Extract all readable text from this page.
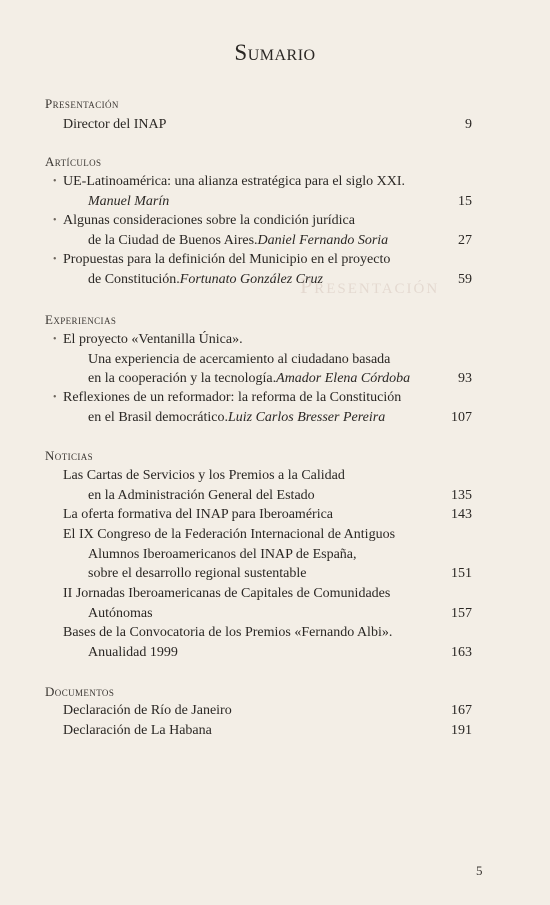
Sumario
Presentación
Presentación
Director del INAP	9
Artículos
• UE-Latinoamérica: una alianza estratégica para el siglo XXI.
Manuel Marín	15
• Algunas consideraciones sobre la condición jurídica
de la Ciudad de Buenos Aires. Daniel Fernando Soria	27
• Propuestas para la definición del Municipio en el proyecto
de Constitución. Fortunato González Cruz	59
Experiencias
• El proyecto «Ventanilla Única».
Una experiencia de acercamiento al ciudadano basada
en la cooperación y la tecnología. Amador Elena Córdoba	93
• Reflexiones de un reformador: la reforma de la Constitución
en el Brasil democrático. Luiz Carlos Bresser Pereira	107
Noticias
Las Cartas de Servicios y los Premios a la Calidad
en la Administración General del Estado	135
La oferta formativa del INAP para Iberoamérica	143
El IX Congreso de la Federación Internacional de Antiguos
Alumnos Iberoamericanos del INAP de España,
sobre el desarrollo regional sustentable	151
II Jornadas Iberoamericanas de Capitales de Comunidades
Autónomas	157
Bases de la Convocatoria de los Premios «Fernando Albi».
Anualidad 1999	163
Documentos
Declaración de Río de Janeiro	167
Declaración de La Habana	191
5
